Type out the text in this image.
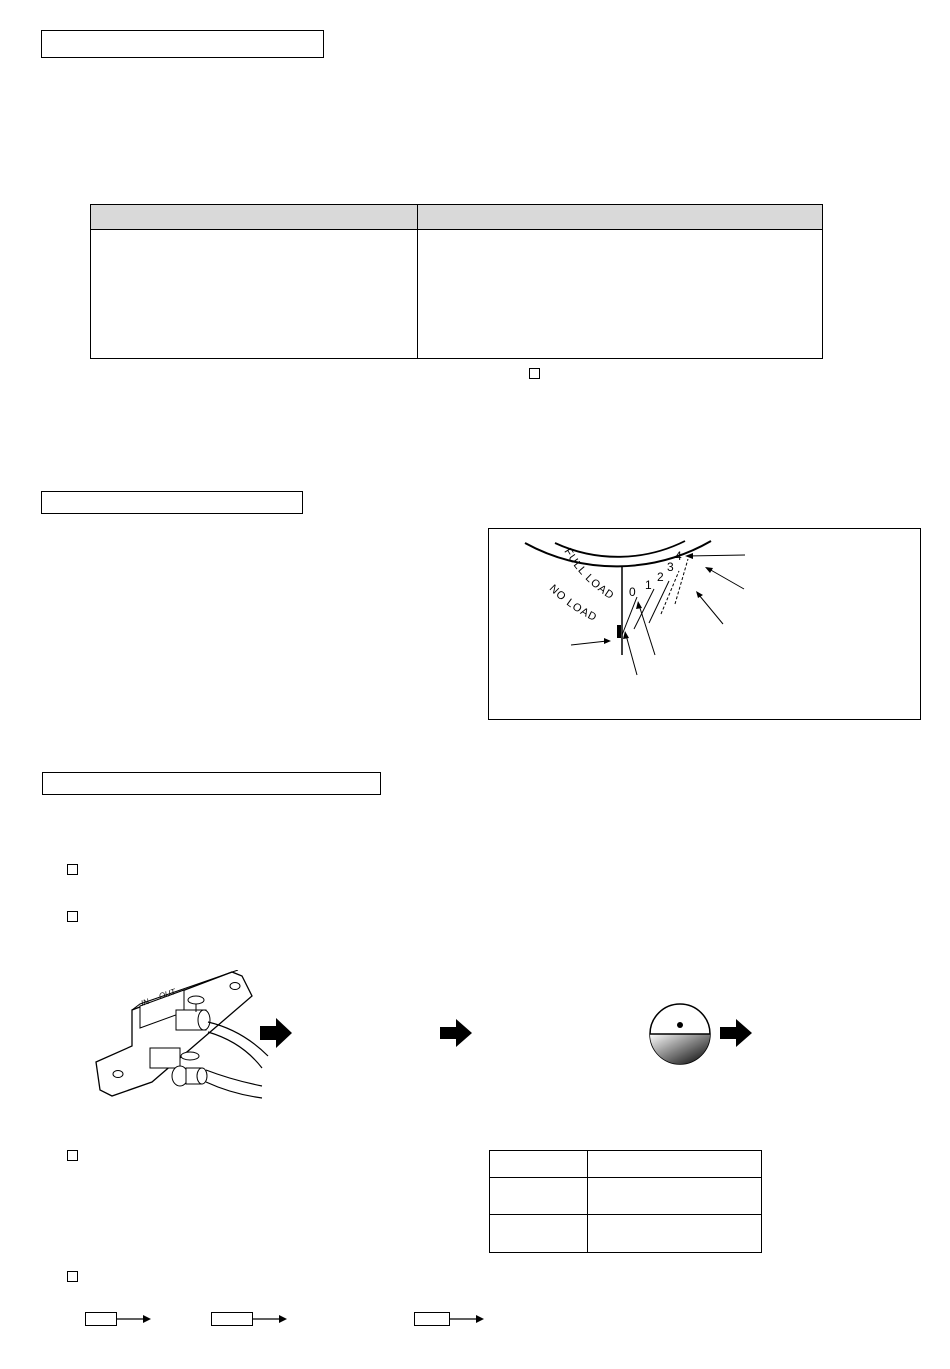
FULL LOAD
NO LOAD
0 1
2
3
4
IN
OUT
